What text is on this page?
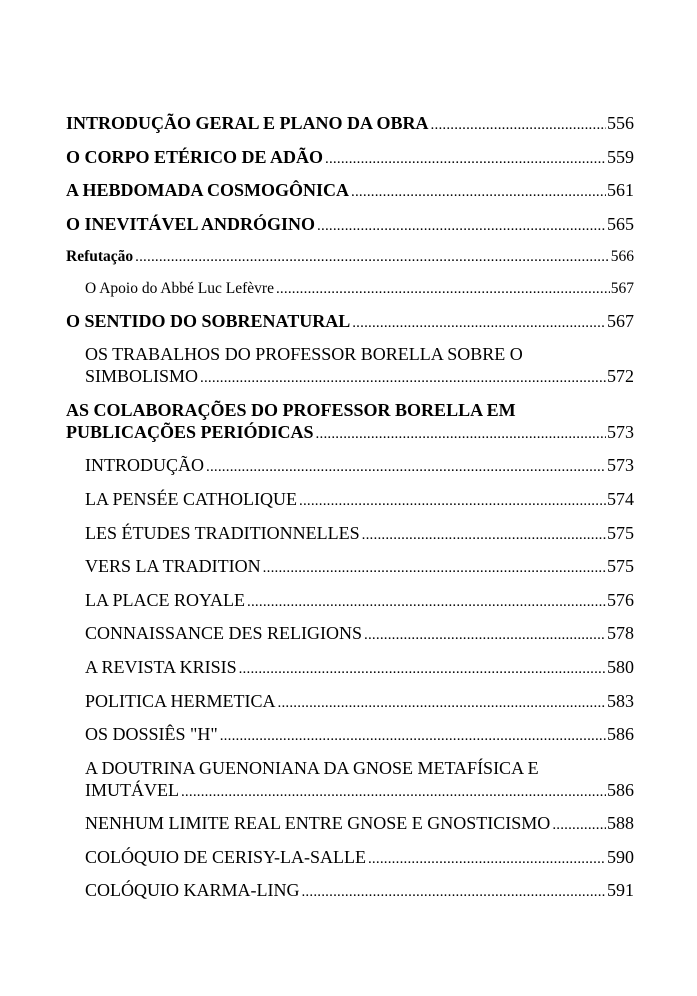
INTRODUÇÃO GERAL E PLANO DA OBRA .....	556
O CORPO ETÉRICO DE ADÃO .....	559
A HEBDOMADA COSMOGÔNICA .....	561
O INEVITÁVEL ANDRÓGINO .....	565
Refutação .....	566
O Apoio do Abbé Luc Lefèvre .....	567
O SENTIDO DO SOBRENATURAL .....	567
OS TRABALHOS DO PROFESSOR BORELLA SOBRE O
SIMBOLISMO .....	572
AS COLABORAÇÕES DO PROFESSOR BORELLA EM
PUBLICAÇÕES PERIÓDICAS .....	573
INTRODUÇÃO .....	573
LA PENSÉE CATHOLIQUE .....	574
LES ÉTUDES TRADITIONNELLES .....	575
VERS LA TRADITION .....	575
LA PLACE ROYALE .....	576
CONNAISSANCE DES RELIGIONS .....	578
A REVISTA KRISIS .....	580
POLITICA HERMETICA .....	583
OS DOSSIÊS "H" .....	586
A DOUTRINA GUENONIANA DA GNOSE METAFÍSICA E
IMUTÁVEL .....	586
NENHUM LIMITE REAL ENTRE GNOSE E GNOSTICISMO .....	588
COLÓQUIO DE CERISY-LA-SALLE .....	590
COLÓQUIO KARMA-LING .....	591
